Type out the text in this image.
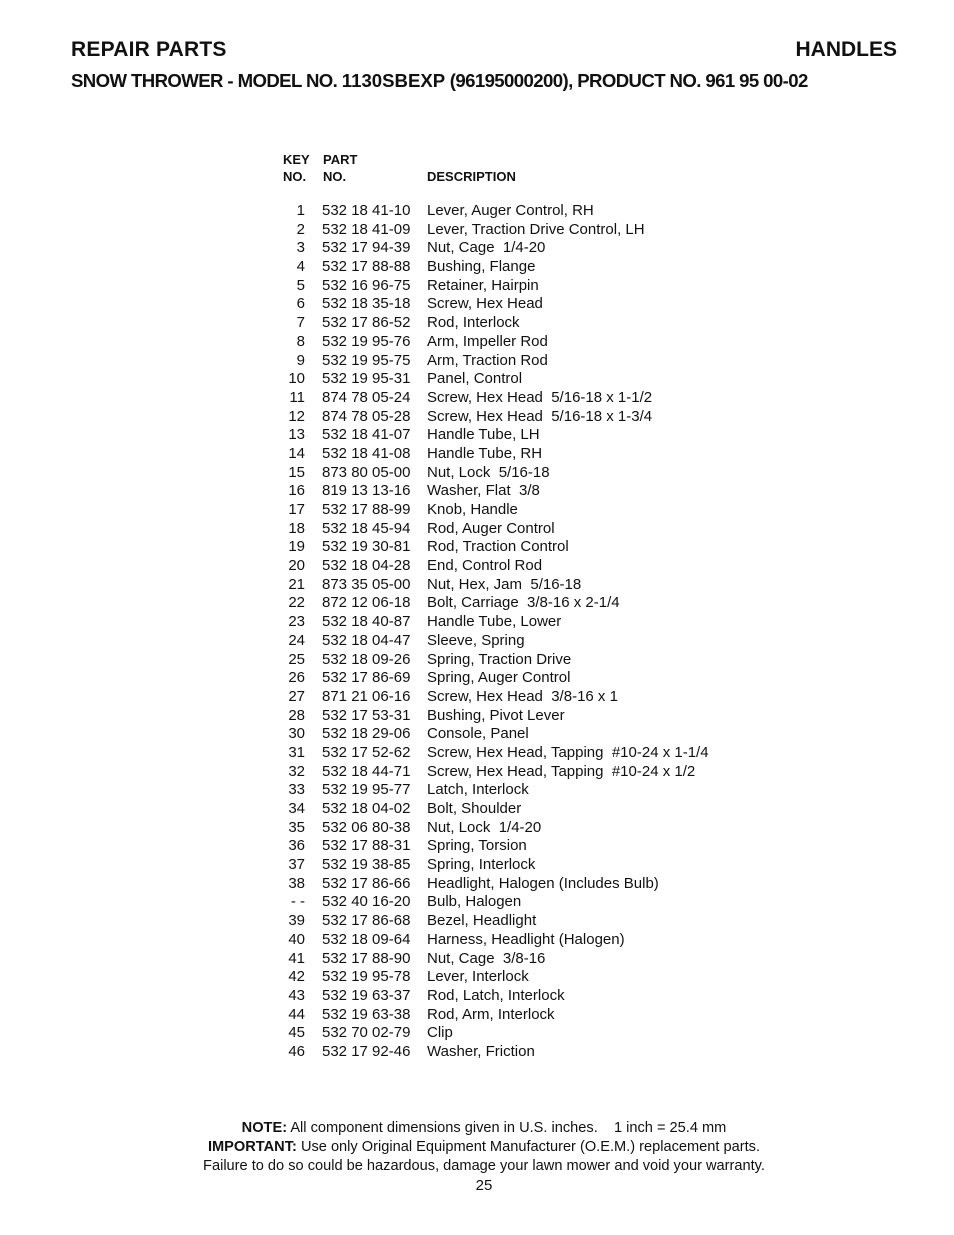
REPAIR PARTS	HANDLES
SNOW THROWER - MODEL NO. 1130SBEXP (96195000200), PRODUCT NO. 961 95 00-02
KEY
NO.
PART
NO.	DESCRIPTION
1 532 18 41-10 Lever, Auger Control, RH
2 532 18 41-09 Lever, Traction Drive Control, LH
3 532 17 94-39 Nut, Cage  1/4-20
4 532 17 88-88 Bushing, Flange
5 532 16 96-75 Retainer, Hairpin
6 532 18 35-18 Screw, Hex Head
7 532 17 86-52 Rod, Interlock
8 532 19 95-76 Arm, Impeller Rod
9 532 19 95-75 Arm, Traction Rod
10 532 19 95-31 Panel, Control
11 874 78 05-24 Screw, Hex Head  5/16-18 x 1-1/2
12 874 78 05-28 Screw, Hex Head  5/16-18 x 1-3/4
13 532 18 41-07 Handle Tube, LH
14 532 18 41-08 Handle Tube, RH
15 873 80 05-00 Nut, Lock  5/16-18
16 819 13 13-16 Washer, Flat  3/8
17 532 17 88-99 Knob, Handle
18 532 18 45-94 Rod, Auger Control
19 532 19 30-81 Rod, Traction Control
20 532 18 04-28 End, Control Rod
21 873 35 05-00 Nut, Hex, Jam  5/16-18
22 872 12 06-18 Bolt, Carriage  3/8-16 x 2-1/4
23 532 18 40-87 Handle Tube, Lower
24 532 18 04-47 Sleeve, Spring
25 532 18 09-26 Spring, Traction Drive
26 532 17 86-69 Spring, Auger Control
27 871 21 06-16 Screw, Hex Head  3/8-16 x 1
28 532 17 53-31 Bushing, Pivot Lever
30 532 18 29-06 Console, Panel
31 532 17 52-62 Screw, Hex Head, Tapping  #10-24 x 1-1/4
32 532 18 44-71 Screw, Hex Head, Tapping  #10-24 x 1/2
33 532 19 95-77 Latch, Interlock
34 532 18 04-02 Bolt, Shoulder
35 532 06 80-38 Nut, Lock  1/4-20
36 532 17 88-31 Spring, Torsion
37 532 19 38-85 Spring, Interlock
38 532 17 86-66 Headlight, Halogen (Includes Bulb)
- - 532 40 16-20 Bulb, Halogen
39 532 17 86-68 Bezel, Headlight
40 532 18 09-64 Harness, Headlight (Halogen)
41 532 17 88-90 Nut, Cage  3/8-16
42 532 19 95-78 Lever, Interlock
43 532 19 63-37 Rod, Latch, Interlock
44 532 19 63-38 Rod, Arm, Interlock
45 532 70 02-79 Clip
46 532 17 92-46 Washer, Friction
NOTE: All component dimensions given in U.S. inches.    1 inch = 25.4 mm
IMPORTANT: Use only Original Equipment Manufacturer (O.E.M.) replacement parts.
Failure to do so could be hazardous, damage your lawn mower and void your warranty.
25
